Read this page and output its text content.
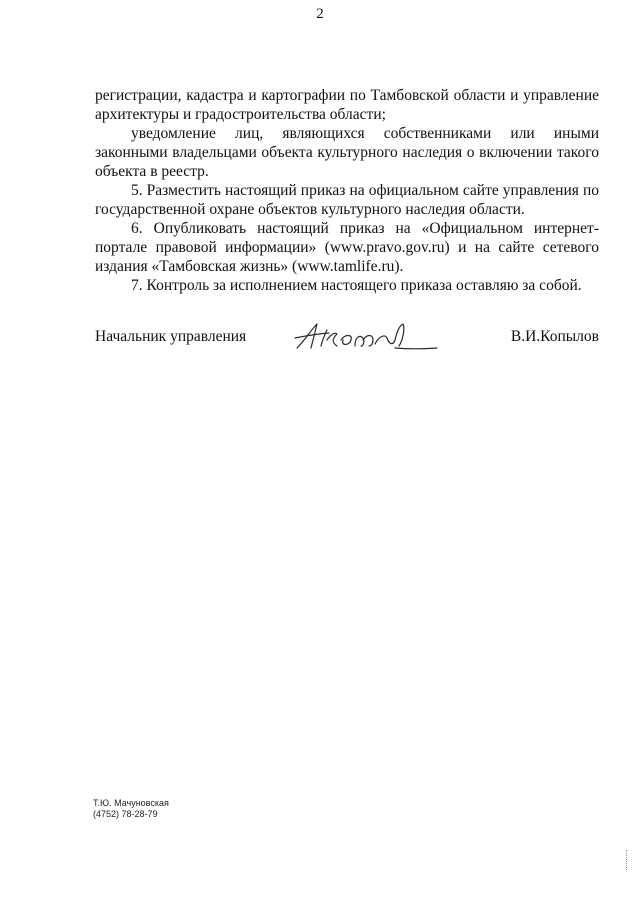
2

регистрации, кадастра и картографии по Тамбовской области и управление архитектуры и градостроительства области;

уведомление лиц, являющихся собственниками или иными законными владельцами объекта культурного наследия о включении такого объекта в реестр.

5. Разместить настоящий приказ на официальном сайте управления по государственной охране объектов культурного наследия области.

6. Опубликовать настоящий приказ на «Официальном интернет-портале правовой информации» (www.pravo.gov.ru) и на сайте сетевого издания «Тамбовская жизнь» (www.tamlife.ru).

7. Контроль за исполнением настоящего приказа оставляю за собой.

Начальник управления	В.И.Копылов
Т.Ю. Мачуновская
(4752) 78-28-79
